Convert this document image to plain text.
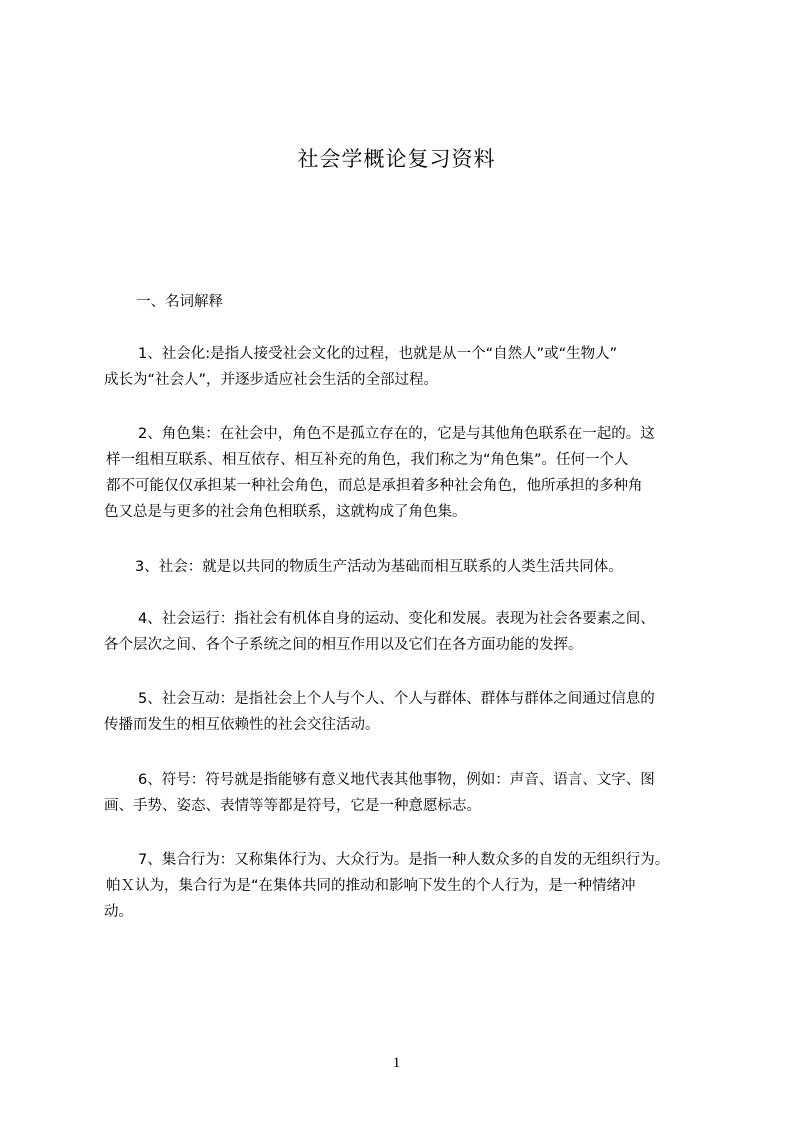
社会学概论复习资料
一、名词解释
1、社会化:是指人接受社会文化的过程，也就是从一个“自然人”或“生物人”
成长为“社会人”，并逐步适应社会生活的全部过程。
2、角色集：在社会中，角色不是孤立存在的，它是与其他角色联系在一起的。这
样一组相互联系、相互依存、相互补充的角色，我们称之为“角色集”。任何一个人
都不可能仅仅承担某一种社会角色，而总是承担着多种社会角色，他所承担的多种角
色又总是与更多的社会角色相联系，这就构成了角色集。
3、社会：就是以共同的物质生产活动为基础而相互联系的人类生活共同体。
4、社会运行：指社会有机体自身的运动、变化和发展。表现为社会各要素之间、
各个层次之间、各个子系统之间的相互作用以及它们在各方面功能的发挥。
5、社会互动：是指社会上个人与个人、个人与群体、群体与群体之间通过信息的
传播而发生的相互依赖性的社会交往活动。
6、符号：符号就是指能够有意义地代表其他事物，例如：声音、语言、文字、图
画、手势、姿态、表情等等都是符号，它是一种意愿标志。
7、集合行为：又称集体行为、大众行为。是指一种人数众多的自发的无组织行为。
帕Ｘ认为，集合行为是“在集体共同的推动和影响下发生的个人行为，是一种情绪冲
动。
1
